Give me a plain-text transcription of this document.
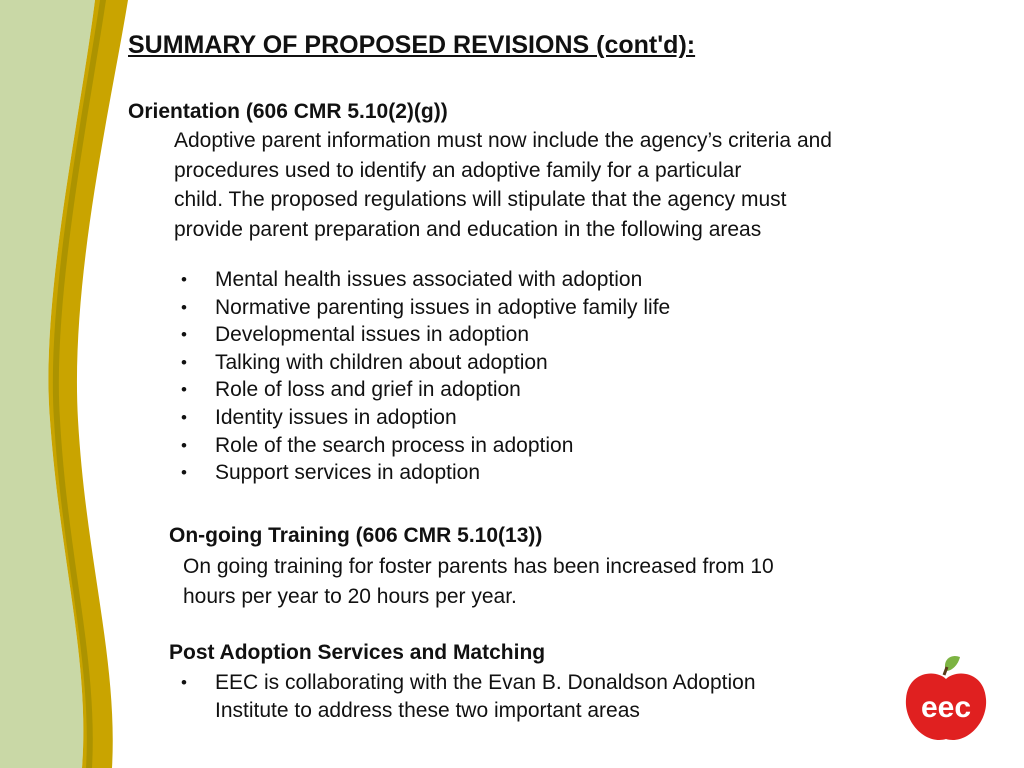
SUMMARY OF PROPOSED REVISIONS (cont'd):
Orientation (606 CMR 5.10(2)(g))
Adoptive parent information must now include the agency’s criteria and
procedures used to identify an adoptive family for a particular
child. The proposed regulations will stipulate that the agency must
provide parent preparation and education in the following areas
• Mental health issues associated with adoption
• Normative parenting issues in adoptive family life
• Developmental issues in adoption
• Talking with children about adoption
• Role of loss and grief in adoption
• Identity issues in adoption
• Role of the search process in adoption
• Support services in adoption
On-going Training (606 CMR 5.10(13))
On going training for foster parents has been increased from 10
hours per year to 20 hours per year.
Post Adoption Services and Matching
• EEC is collaborating with the Evan B. Donaldson Adoption
Institute to address these two important areas	eec
